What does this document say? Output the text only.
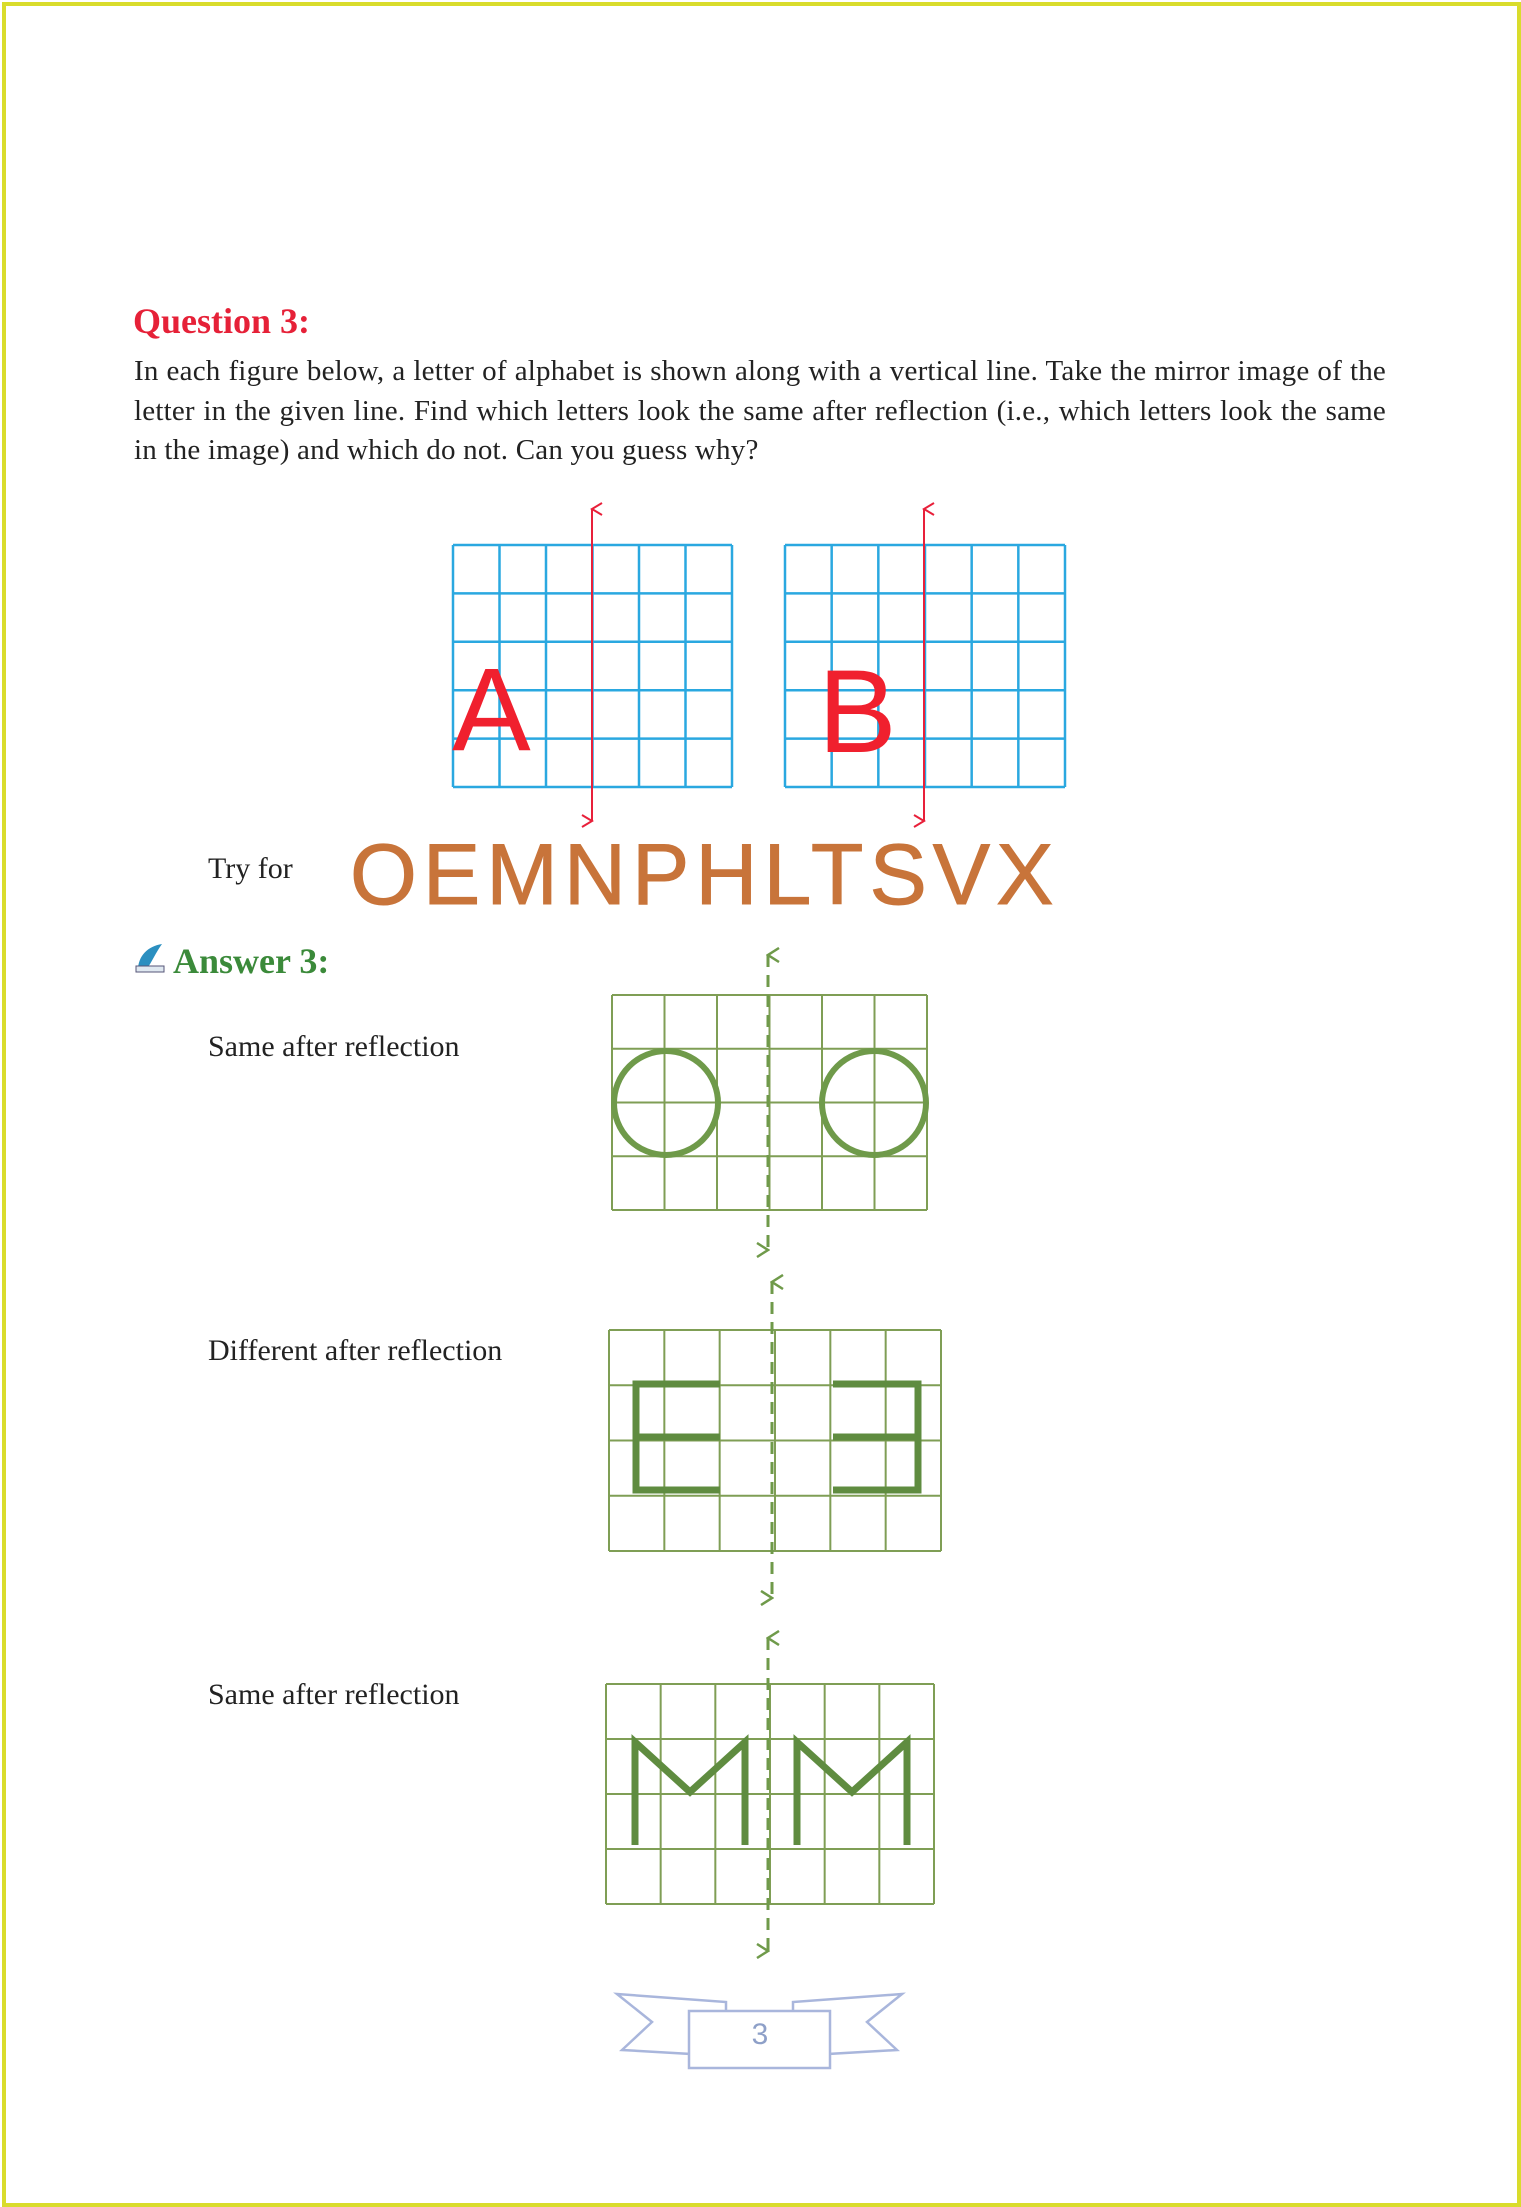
Question 3:
In each figure below, a letter of alphabet is shown along with a vertical line. Take the mirror image of the letter in the given line. Find which letters look the same after reflection (i.e., which letters look the same in the image) and which do not. Can you guess why?
A B
Try for OEMNPHLTSVX
Answer 3:
Same after reflection
Different after reflection
Same after reflection
3
